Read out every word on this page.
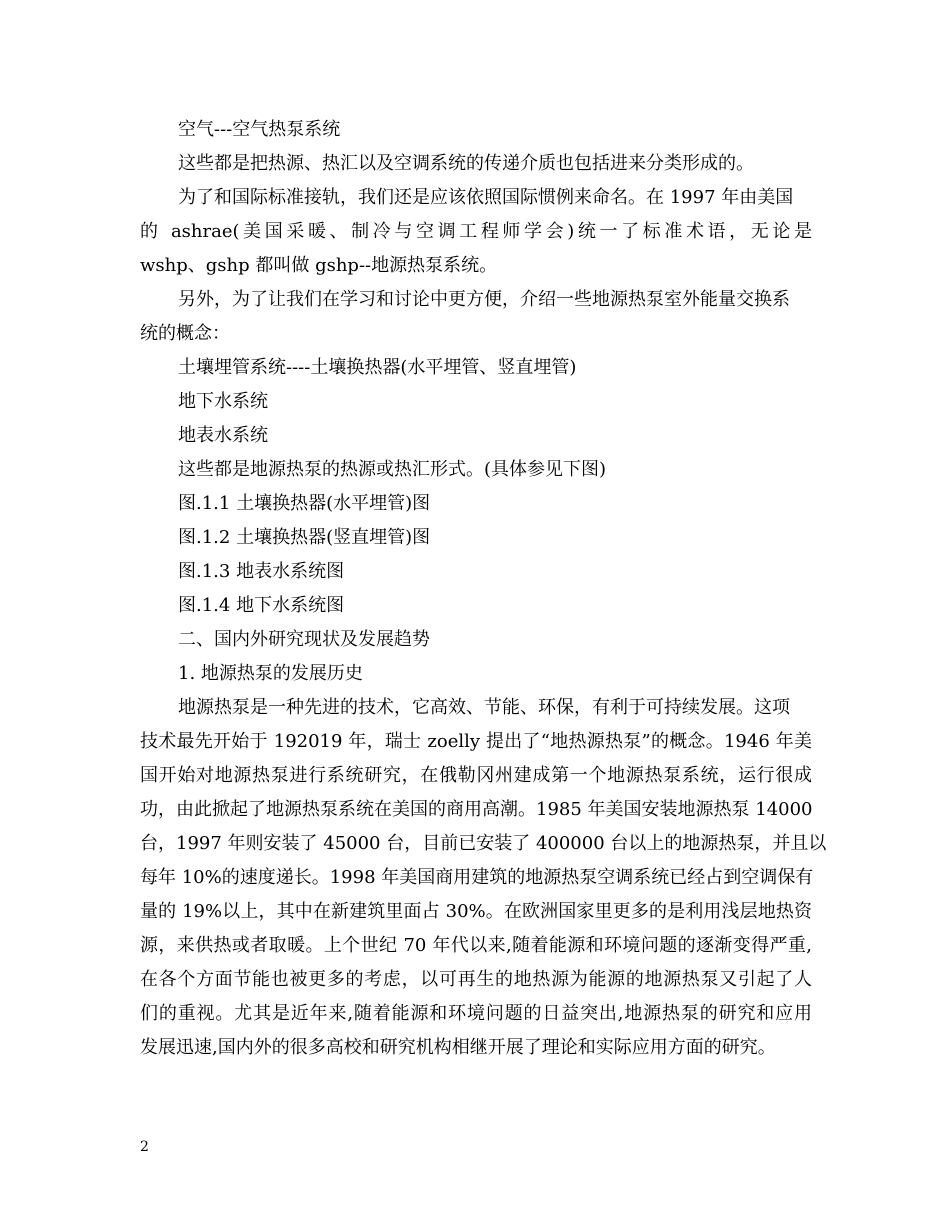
空气---空气热泵系统
这些都是把热源、热汇以及空调系统的传递介质也包括进来分类形成的。
为了和国际标准接轨，我们还是应该依照国际惯例来命名。在 1997 年由美国
的 ashrae(美国采暖、制冷与空调工程师学会)统一了标准术语，无论是
wshp、gshp 都叫做 gshp--地源热泵系统。
另外，为了让我们在学习和讨论中更方便，介绍一些地源热泵室外能量交换系
统的概念：
土壤埋管系统----土壤换热器(水平埋管、竖直埋管)
地下水系统
地表水系统
这些都是地源热泵的热源或热汇形式。(具体参见下图)
图.1.1 土壤换热器(水平埋管)图
图.1.2 土壤换热器(竖直埋管)图
图.1.3 地表水系统图
图.1.4 地下水系统图
二、国内外研究现状及发展趋势
1. 地源热泵的发展历史
地源热泵是一种先进的技术，它高效、节能、环保，有利于可持续发展。这项
技术最先开始于 192019 年，瑞士 zoelly 提出了“地热源热泵”的概念。1946 年美
国开始对地源热泵进行系统研究，在俄勒冈州建成第一个地源热泵系统，运行很成
功，由此掀起了地源热泵系统在美国的商用高潮。1985 年美国安装地源热泵 14000
台，1997 年则安装了 45000 台，目前已安装了 400000 台以上的地源热泵，并且以
每年 10%的速度递长。1998 年美国商用建筑的地源热泵空调系统已经占到空调保有
量的 19%以上，其中在新建筑里面占 30%。在欧洲国家里更多的是利用浅层地热资
源，来供热或者取暖。上个世纪 70 年代以来,随着能源和环境问题的逐渐变得严重,
在各个方面节能也被更多的考虑，以可再生的地热源为能源的地源热泵又引起了人
们的重视。尤其是近年来,随着能源和环境问题的日益突出,地源热泵的研究和应用
发展迅速,国内外的很多高校和研究机构相继开展了理论和实际应用方面的研究。
2
